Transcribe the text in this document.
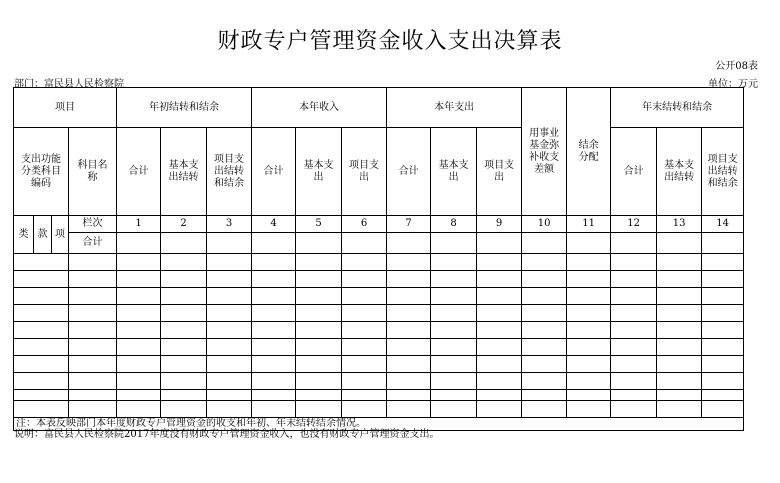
财政专户管理资金收入支出决算表
公开08表
部门：富民县人民检察院	单位：万元
项目				年初结转和结余			本年收入			本年支出			用事业基金弥补收支差额	结余分配	年末结转和结余		
支出功能分类科目编码			科目名称	合计	基本支出结转	项目支出结转和结余	合计	基本支出	项目支出	合计	基本支出	项目支出			合计	基本支出结转	项目支出结转和结余
类	款	项	栏次	1	2	3	4	5	6	7	8	9	10	11	12	13	14
			合计														

注：本表反映部门本年度财政专户管理资金的收支和年初、年末结转结余情况。																	
说明：富民县人民检察院2017年度没有财政专户管理资金收入，也没有财政专户管理资金支出。
